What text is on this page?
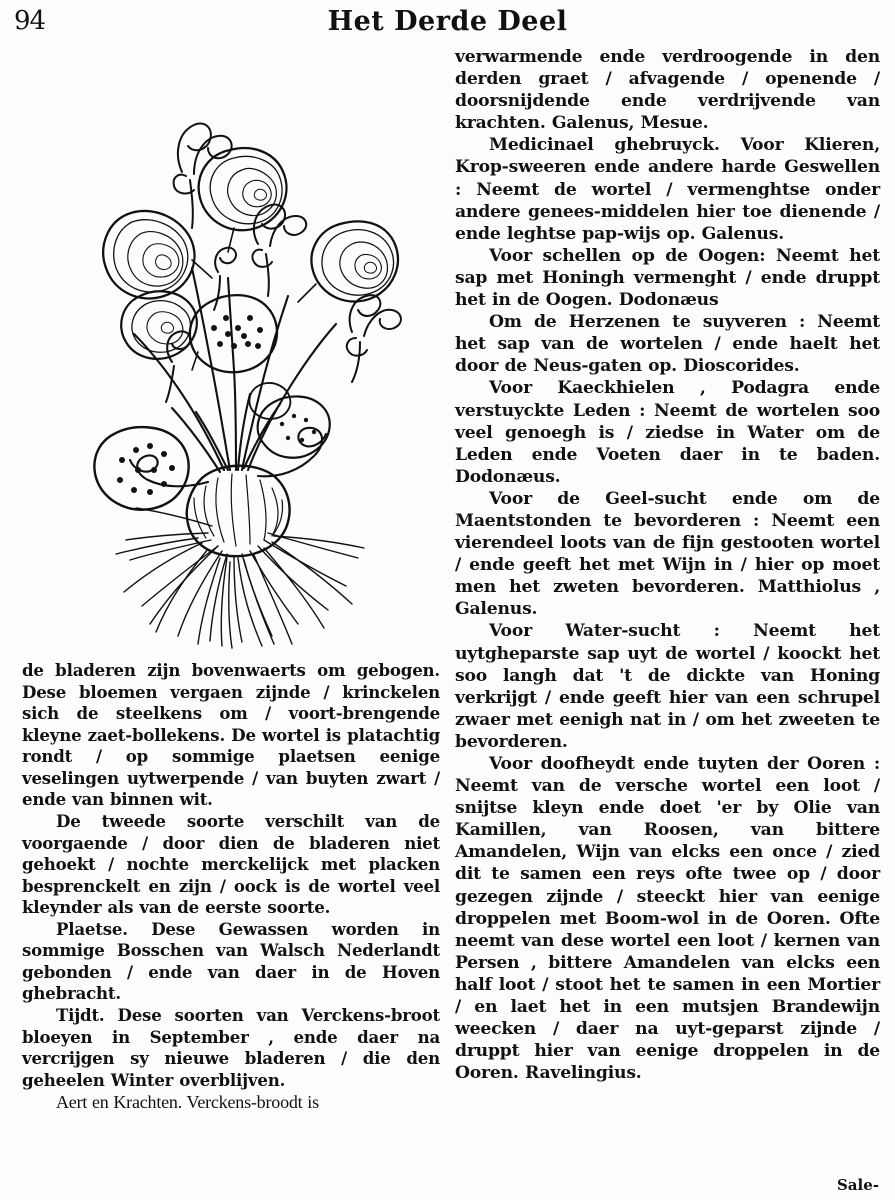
94	Het Derde Deel

de bladeren zijn bovenwaerts om gebogen. Dese bloemen vergaen zijnde / krinckelen sich de steelkens om / voort-brengende kleyne zaet-bollekens. De wortel is platachtig rondt / op sommige plaetsen eenige veselingen uytwerpende / van buyten zwart / ende van binnen wit.

De tweede soorte verschilt van de voorgaende / door dien de bladeren niet gehoekt / nochte merckelijck met placken besprenckelt en zijn / oock is de wortel veel kleynder als van de eerste soorte.

Plaetse. Dese Gewassen worden in sommige Bosschen van Walsch Nederlandt gebonden / ende van daer in de Hoven ghebracht.

Tijdt. Dese soorten van Verckens-broot bloeyen in September , ende daer na vercrijgen sy nieuwe bladeren / die den geheelen Winter overblijven.

Aert en Krachten. Verckens-broodt is

verwarmende ende verdroogende in den derden graet / afvagende / openende / doorsnijdende ende verdrijvende van krachten. Galenus, Mesue.

Medicinael ghebruyck. Voor Klieren, Krop-sweeren ende andere harde Geswellen : Neemt de wortel / vermenghtse onder andere genees-middelen hier toe dienende / ende leghtse pap-wijs op. Galenus.

Voor schellen op de Oogen: Neemt het sap met Honingh vermenght / ende druppt het in de Oogen. Dodonæus

Om de Herzenen te suyveren : Neemt het sap van de wortelen / ende haelt het door de Neus-gaten op. Dioscorides.

Voor Kaeckhielen , Podagra ende verstuyckte Leden : Neemt de wortelen soo veel genoegh is / ziedse in Water om de Leden ende Voeten daer in te baden. Dodonæus.

Voor de Geel-sucht ende om de Maentstonden te bevorderen : Neemt een vierendeel loots van de fijn gestooten wortel / ende geeft het met Wijn in / hier op moet men het zweten bevorderen. Matthiolus , Galenus.

Voor Water-sucht : Neemt het uytgheparste sap uyt de wortel / koockt het soo langh dat 't de dickte van Honing verkrijgt / ende geeft hier van een schrupel zwaer met eenigh nat in / om het zweeten te bevorderen.

Voor doofheydt ende tuyten der Ooren : Neemt van de versche wortel een loot / snijtse kleyn ende doet 'er by Olie van Kamillen, van Roosen, van bittere Amandelen, Wijn van elcks een once / zied dit te samen een reys ofte twee op / door gezegen zijnde / steeckt hier van eenige droppelen met Boom-wol in de Ooren. Ofte neemt van dese wortel een loot / kernen van Persen , bittere Amandelen van elcks een half loot / stoot het te samen in een Mortier / en laet het in een mutsjen Brandewijn weecken / daer na uyt-geparst zijnde / druppt hier van eenige droppelen in de Ooren. Ravelingius.

Sale-
